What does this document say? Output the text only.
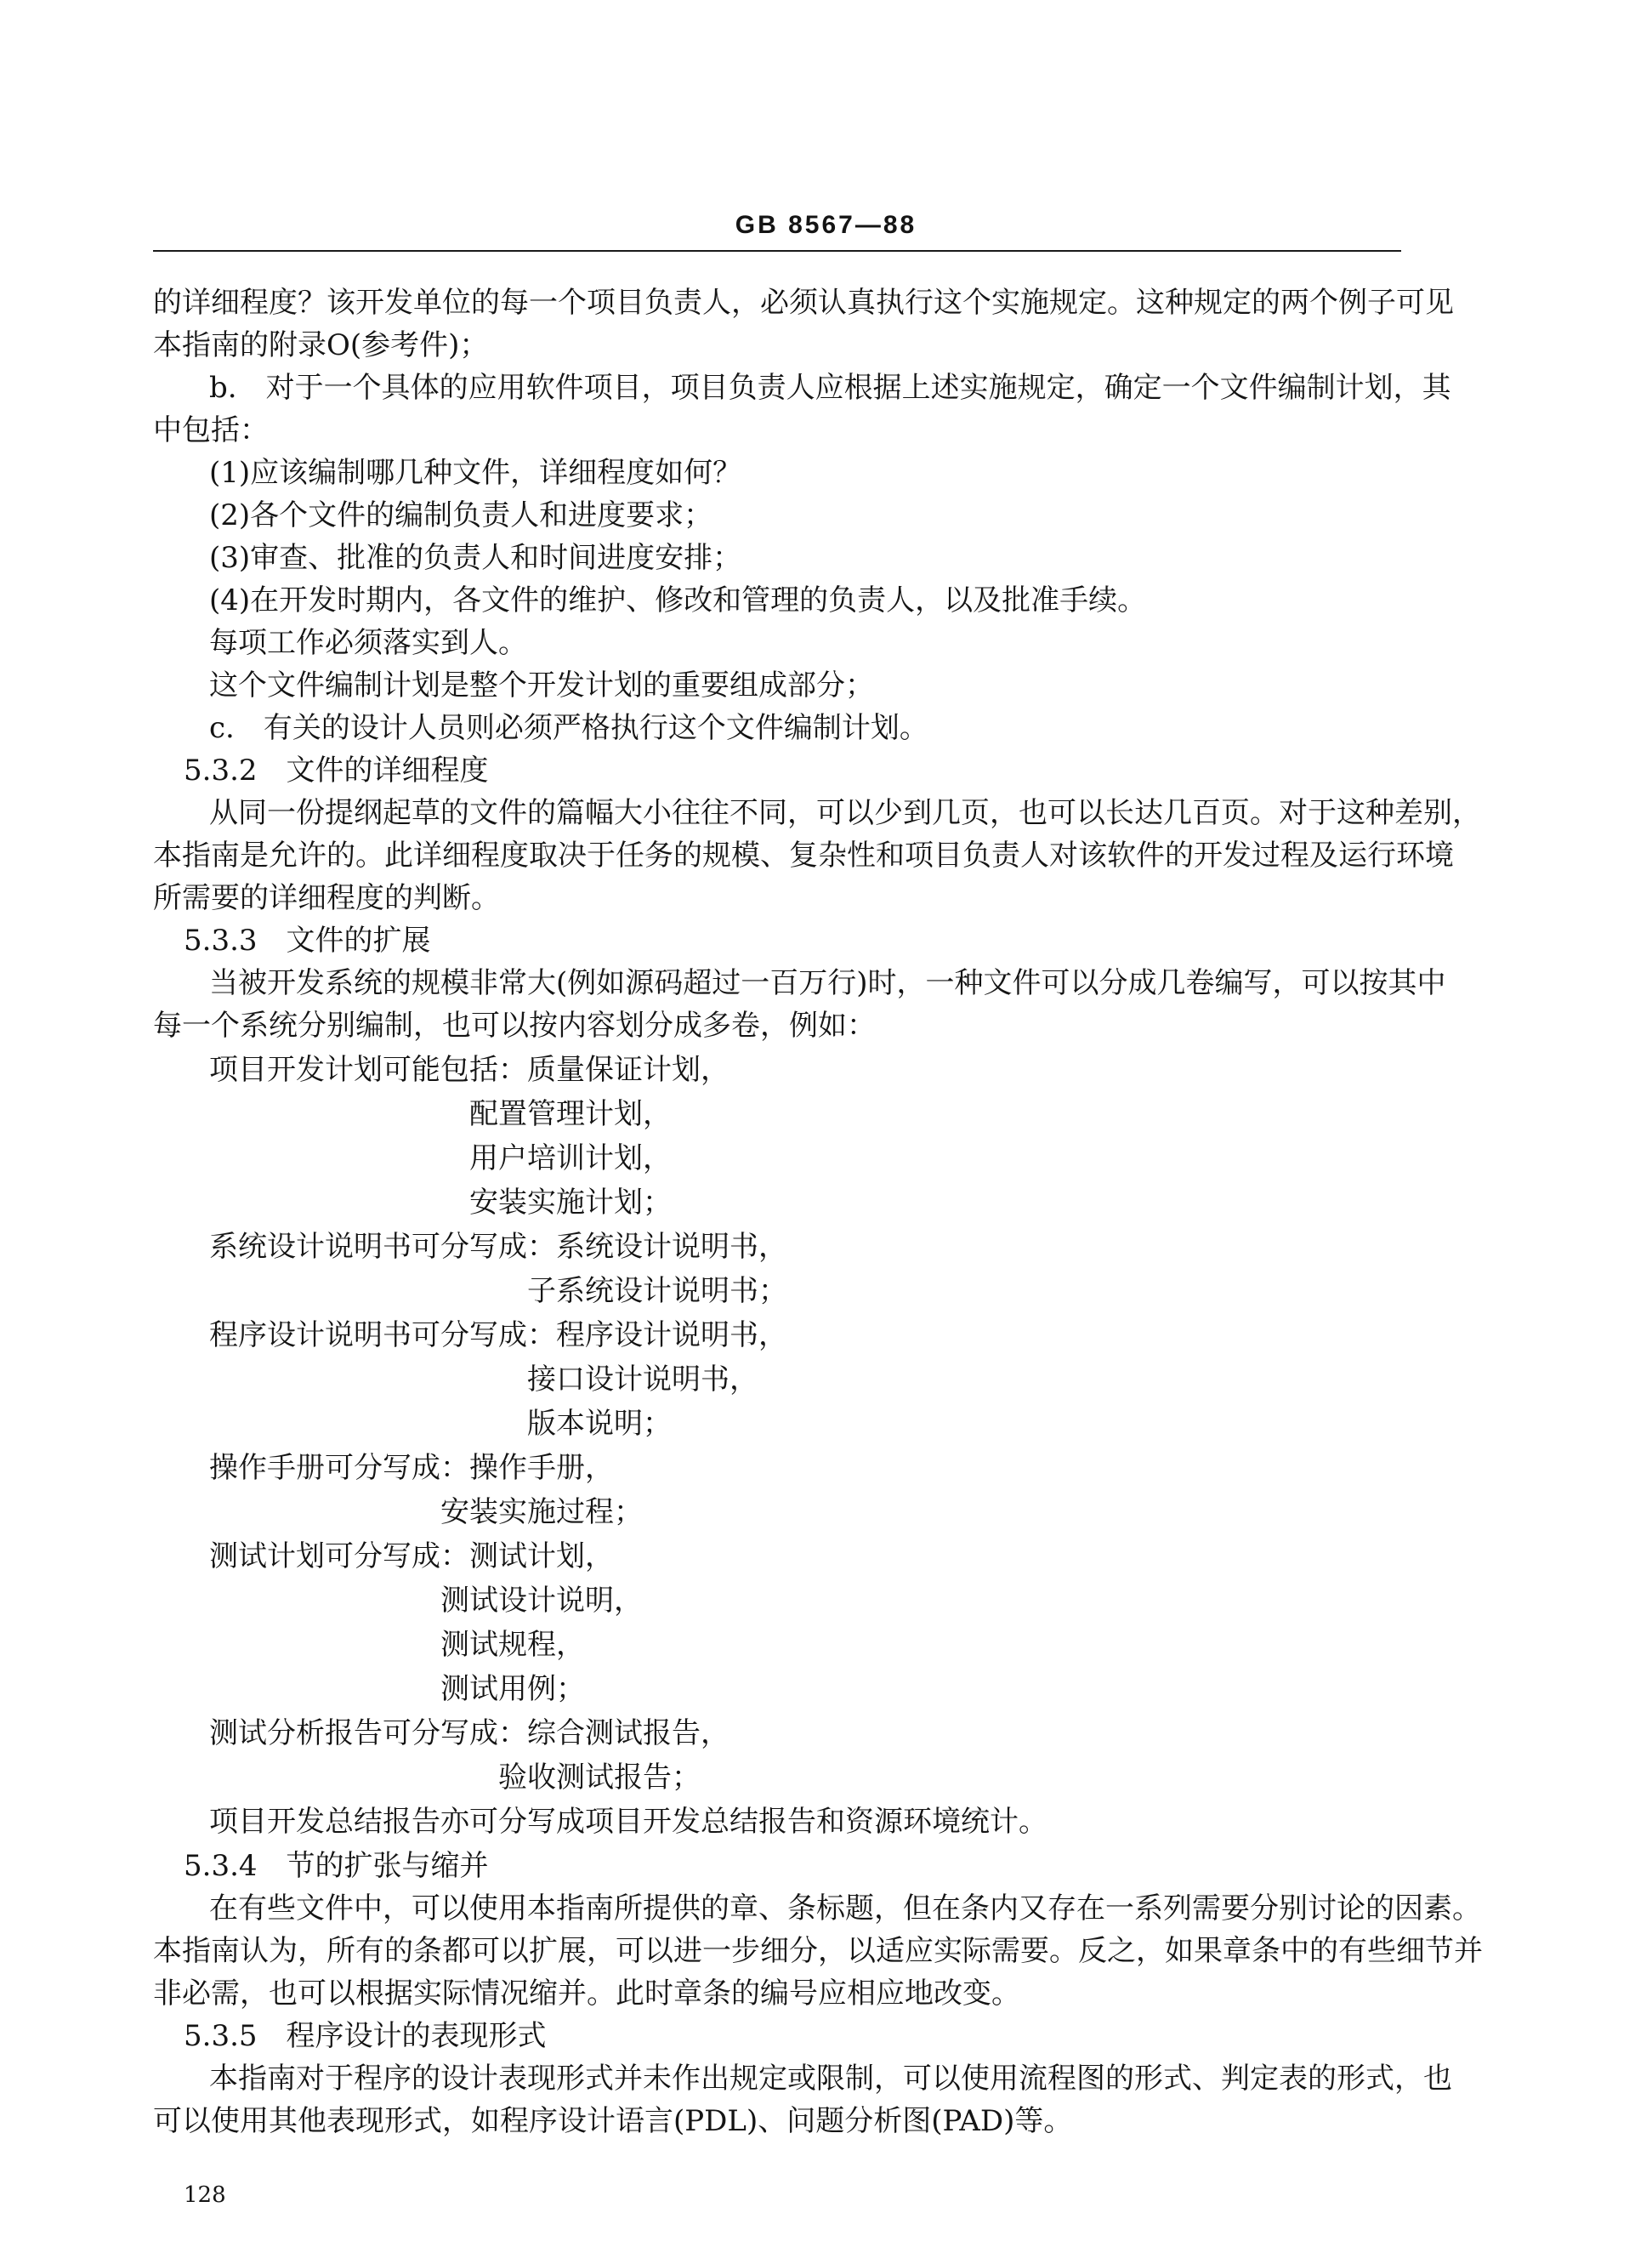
GB 8567—88
的详细程度？该开发单位的每一个项目负责人，必须认真执行这个实施规定。这种规定的两个例子可见
本指南的附录O(参考件)；
b.　对于一个具体的应用软件项目，项目负责人应根据上述实施规定，确定一个文件编制计划，其
中包括：
(1)应该编制哪几种文件，详细程度如何？
(2)各个文件的编制负责人和进度要求；
(3)审查、批准的负责人和时间进度安排；
(4)在开发时期内，各文件的维护、修改和管理的负责人，以及批准手续。
每项工作必须落实到人。
这个文件编制计划是整个开发计划的重要组成部分；
c.　有关的设计人员则必须严格执行这个文件编制计划。
5.3.2　文件的详细程度
从同一份提纲起草的文件的篇幅大小往往不同，可以少到几页，也可以长达几百页。对于这种差别，
本指南是允许的。此详细程度取决于任务的规模、复杂性和项目负责人对该软件的开发过程及运行环境
所需要的详细程度的判断。
5.3.3　文件的扩展
当被开发系统的规模非常大(例如源码超过一百万行)时，一种文件可以分成几卷编写，可以按其中
每一个系统分别编制，也可以按内容划分成多卷，例如：
项目开发计划可能包括：质量保证计划，
配置管理计划，
用户培训计划，
安装实施计划；
系统设计说明书可分写成：系统设计说明书，
子系统设计说明书；
程序设计说明书可分写成：程序设计说明书，
接口设计说明书，
版本说明；
操作手册可分写成：操作手册，
安装实施过程；
测试计划可分写成：测试计划，
测试设计说明，
测试规程，
测试用例；
测试分析报告可分写成：综合测试报告，
验收测试报告；
项目开发总结报告亦可分写成项目开发总结报告和资源环境统计。
5.3.4　节的扩张与缩并
在有些文件中，可以使用本指南所提供的章、条标题，但在条内又存在一系列需要分别讨论的因素。
本指南认为，所有的条都可以扩展，可以进一步细分，以适应实际需要。反之，如果章条中的有些细节并
非必需，也可以根据实际情况缩并。此时章条的编号应相应地改变。
5.3.5　程序设计的表现形式
本指南对于程序的设计表现形式并未作出规定或限制，可以使用流程图的形式、判定表的形式，也
可以使用其他表现形式，如程序设计语言(PDL)、问题分析图(PAD)等。
128
